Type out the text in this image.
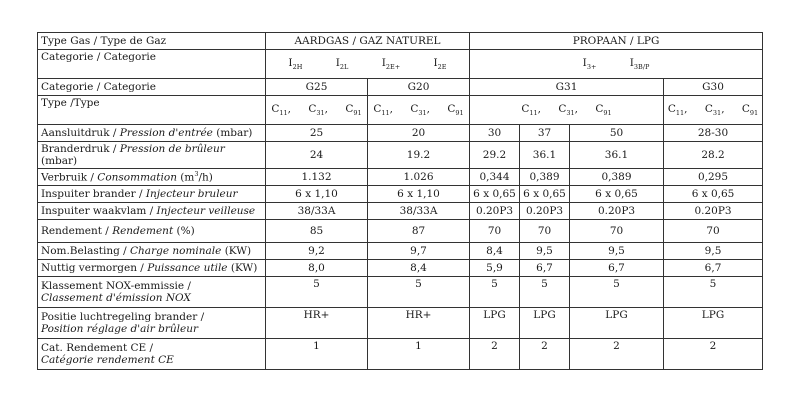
Type Gas / Type de Gaz	AARDGAS / GAZ NATUREL		PROPAAN / LPG			
Categorie / Categorie	$I_{2H}$ $I_{2L}$ $I_{2E+}$ $I_{2E}$		$I_{3+}$ $I_{3B/P}$
Categorie / Categorie	G25	G20	G31			G30
Type /Type	$C_{11}$, $C_{31}$, $C_{91}$	$C_{11}$, $C_{31}$, $C_{91}$	$C_{11}$, $C_{31}$, $C_{91}$			$C_{11}$, $C_{31}$, $C_{91}$
Aansluitdruk / Pression d'entrée (mbar)	25	20	30	37	50	28-30
Branderdruk / Pression de brûleur (mbar)	24	19.2	29.2	36.1	36.1	28.2
Verbruik / Consommation $(m^3/h)$	1.132	1.026	0,344	0,389	0,389	0,295
Inspuiter brander / Injecteur bruleur	6 x 1,10	6 x 1,10	6 x 0,65	6 x 0,65	6 x 0,65	6 x 0,65
Inspuiter waakvlam / Injecteur veilleuse	38/33A	38/33A	0.20P3	0.20P3	0.20P3	0.20P3
Rendement / Rendement (%)	85	87	70	70	70	70
Nom.Belasting / Charge nominale (KW)	9,2	9,7	8,4	9,5	9,5	9,5
Nuttig vermorgen / Puissance utile (KW)	8,0	8,4	5,9	6,7	6,7	6,7
Klassement NOX-emmissie /
Classement d'émission NOX	5	5	5	5	5	5
Positie luchtregeling brander /
Position réglage d'air brûleur	HR+	HR+	LPG	LPG	LPG	LPG
Cat. Rendement CE /
Catégorie rendement CE	1	1	2	2	2	2
